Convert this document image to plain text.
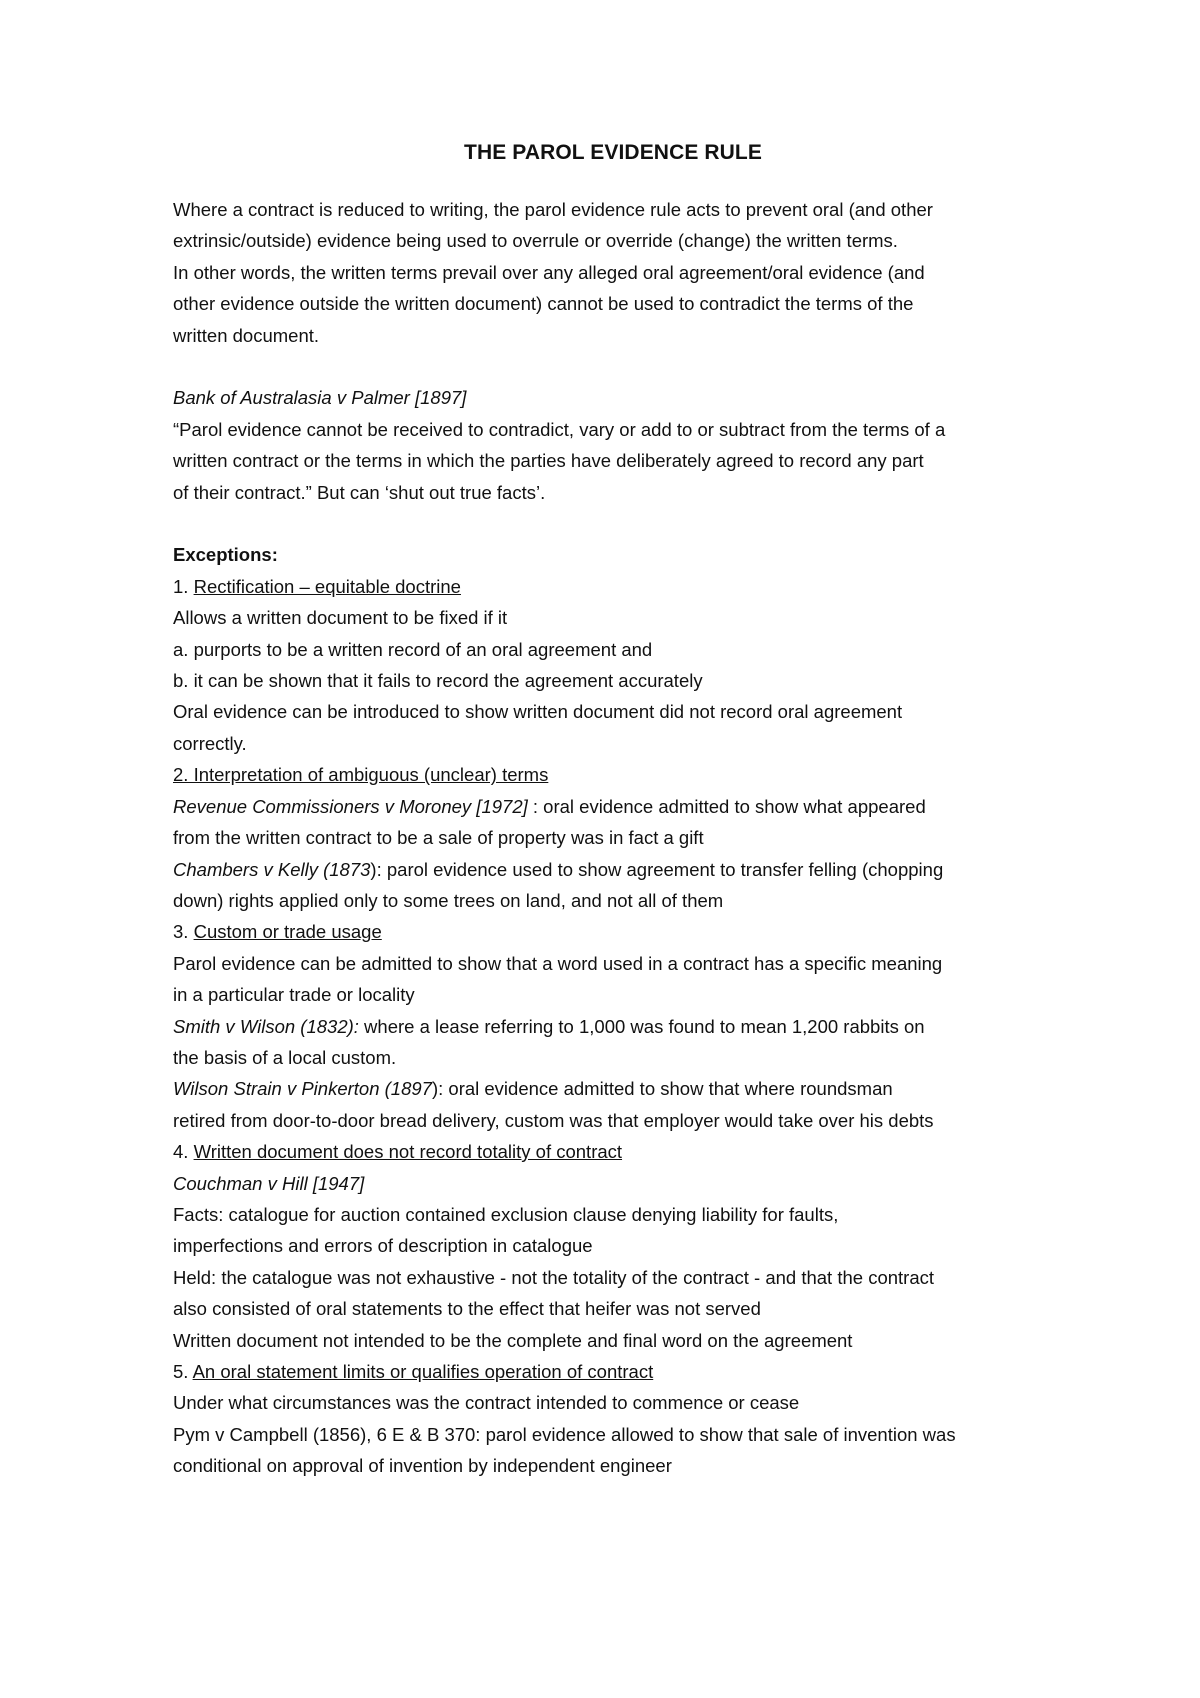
THE PAROL EVIDENCE RULE
Where a contract is reduced to writing, the parol evidence rule acts to prevent oral (and other
extrinsic/outside) evidence being used to overrule or override (change) the written terms.
In other words, the written terms prevail over any alleged oral agreement/oral evidence (and
other evidence outside the written document) cannot be used to contradict the terms of the
written document.
Bank of Australasia v Palmer [1897]
“Parol evidence cannot be received to contradict, vary or add to or subtract from the terms of a
written contract or the terms in which the parties have deliberately agreed to record any part
of their contract.” But can ‘shut out true facts’.
Exceptions:
1. Rectification – equitable doctrine
Allows a written document to be fixed if it
a. purports to be a written record of an oral agreement and
b. it can be shown that it fails to record the agreement accurately
Oral evidence can be introduced to show written document did not record oral agreement
correctly.
2. Interpretation of ambiguous (unclear) terms
Revenue Commissioners v Moroney [1972] : oral evidence admitted to show what appeared
from the written contract to be a sale of property was in fact a gift
Chambers v Kelly (1873): parol evidence used to show agreement to transfer felling (chopping
down) rights applied only to some trees on land, and not all of them
3. Custom or trade usage
Parol evidence can be admitted to show that a word used in a contract has a specific meaning
in a particular trade or locality
Smith v Wilson (1832): where a lease referring to 1,000 was found to mean 1,200 rabbits on
the basis of a local custom.
Wilson Strain v Pinkerton (1897): oral evidence admitted to show that where roundsman
retired from door-to-door bread delivery, custom was that employer would take over his debts
4. Written document does not record totality of contract
Couchman v Hill [1947]
Facts: catalogue for auction contained exclusion clause denying liability for faults,
imperfections and errors of description in catalogue
Held: the catalogue was not exhaustive - not the totality of the contract - and that the contract
also consisted of oral statements to the effect that heifer was not served
Written document not intended to be the complete and final word on the agreement
5. An oral statement limits or qualifies operation of contract
Under what circumstances was the contract intended to commence or cease
Pym v Campbell (1856), 6 E & B 370: parol evidence allowed to show that sale of invention was
conditional on approval of invention by independent engineer
